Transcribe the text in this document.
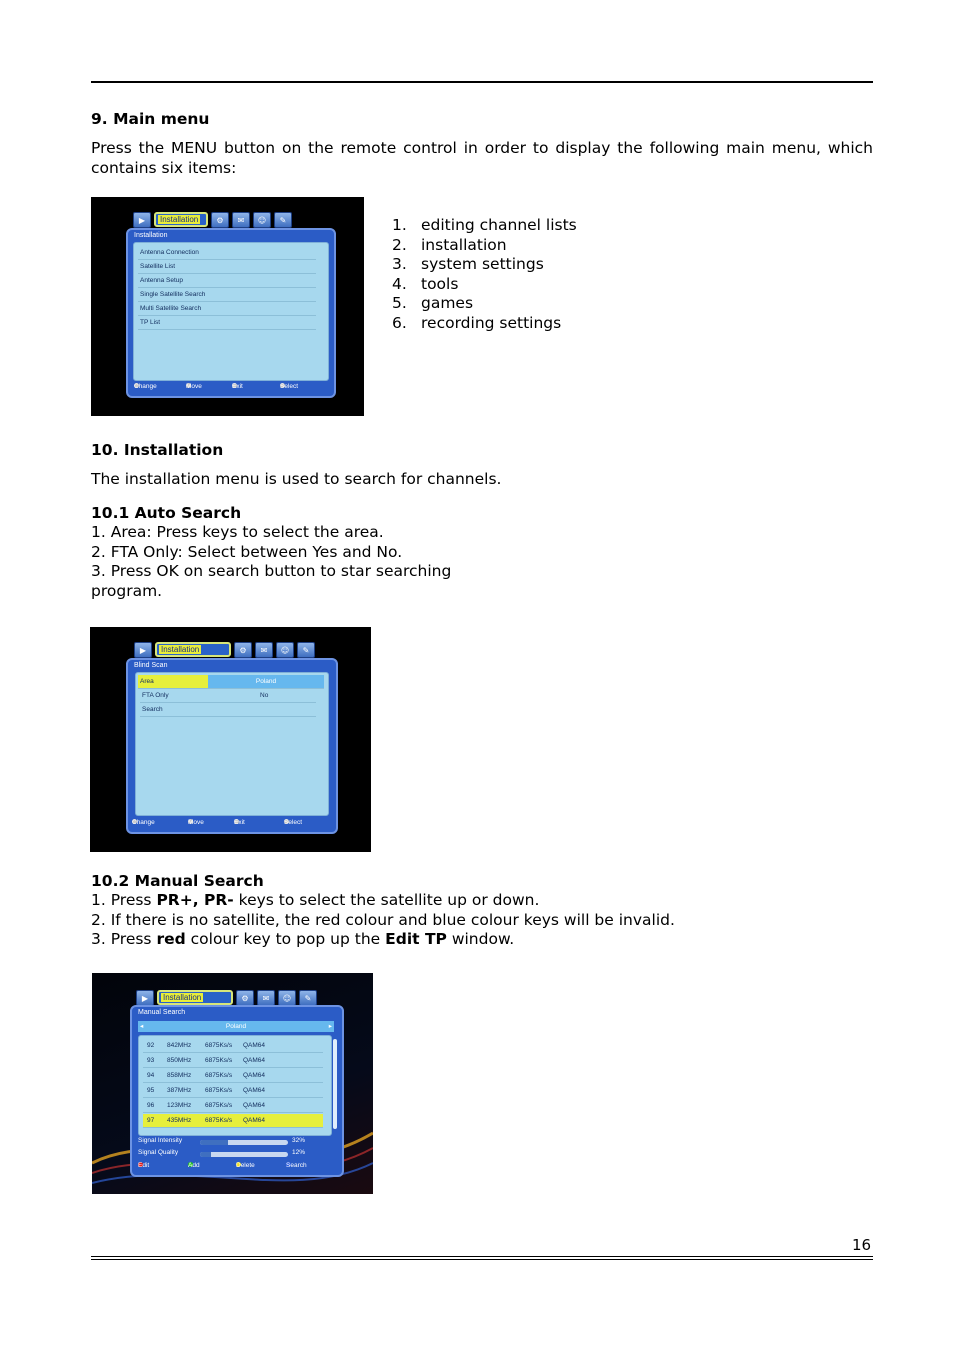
9. Main menu
Press the MENU button on the remote control in order to display the following main menu, which contains six items:
▶	Installation	⚙	✉	☺	✎
Installation
Antenna Connection
Satellite List
Antenna Setup
Single Satellite Search
Multi Satellite Search
TP List
Change	Move	Exit	Select
1. editing channel lists
2. installation
3. system settings
4. tools
5. games
6. recording settings
10. Installation
The installation menu is used to search for channels.
10.1 Auto Search
1. Area: Press keys to select the area.
2. FTA Only: Select between Yes and No.
3. Press OK on search button to star searching
program.
▶	Installation	⚙	✉	☺	✎
Blind Scan
Area	Poland
FTA Only	No
Search
Change	Move	Exit	Select
10.2 Manual Search
1. Press PR+, PR- keys to select the satellite up or down.
2. If there is no satellite, the red colour and blue colour keys will be invalid.
3. Press red colour key to pop up the Edit TP window.
▶	Installation	⚙	✉	☺	✎
Manual Search
◂	Poland	▸
92 842MHz 6875Ks/s QAM64
93 850MHz 6875Ks/s QAM64
94 858MHz 6875Ks/s QAM64
95 387MHz 6875Ks/s QAM64
96 123MHz 6875Ks/s QAM64
97 435MHz 6875Ks/s QAM64
Signal Intensity	32%
Signal Quality	12%
Edit	Add	Delete	Search
16
